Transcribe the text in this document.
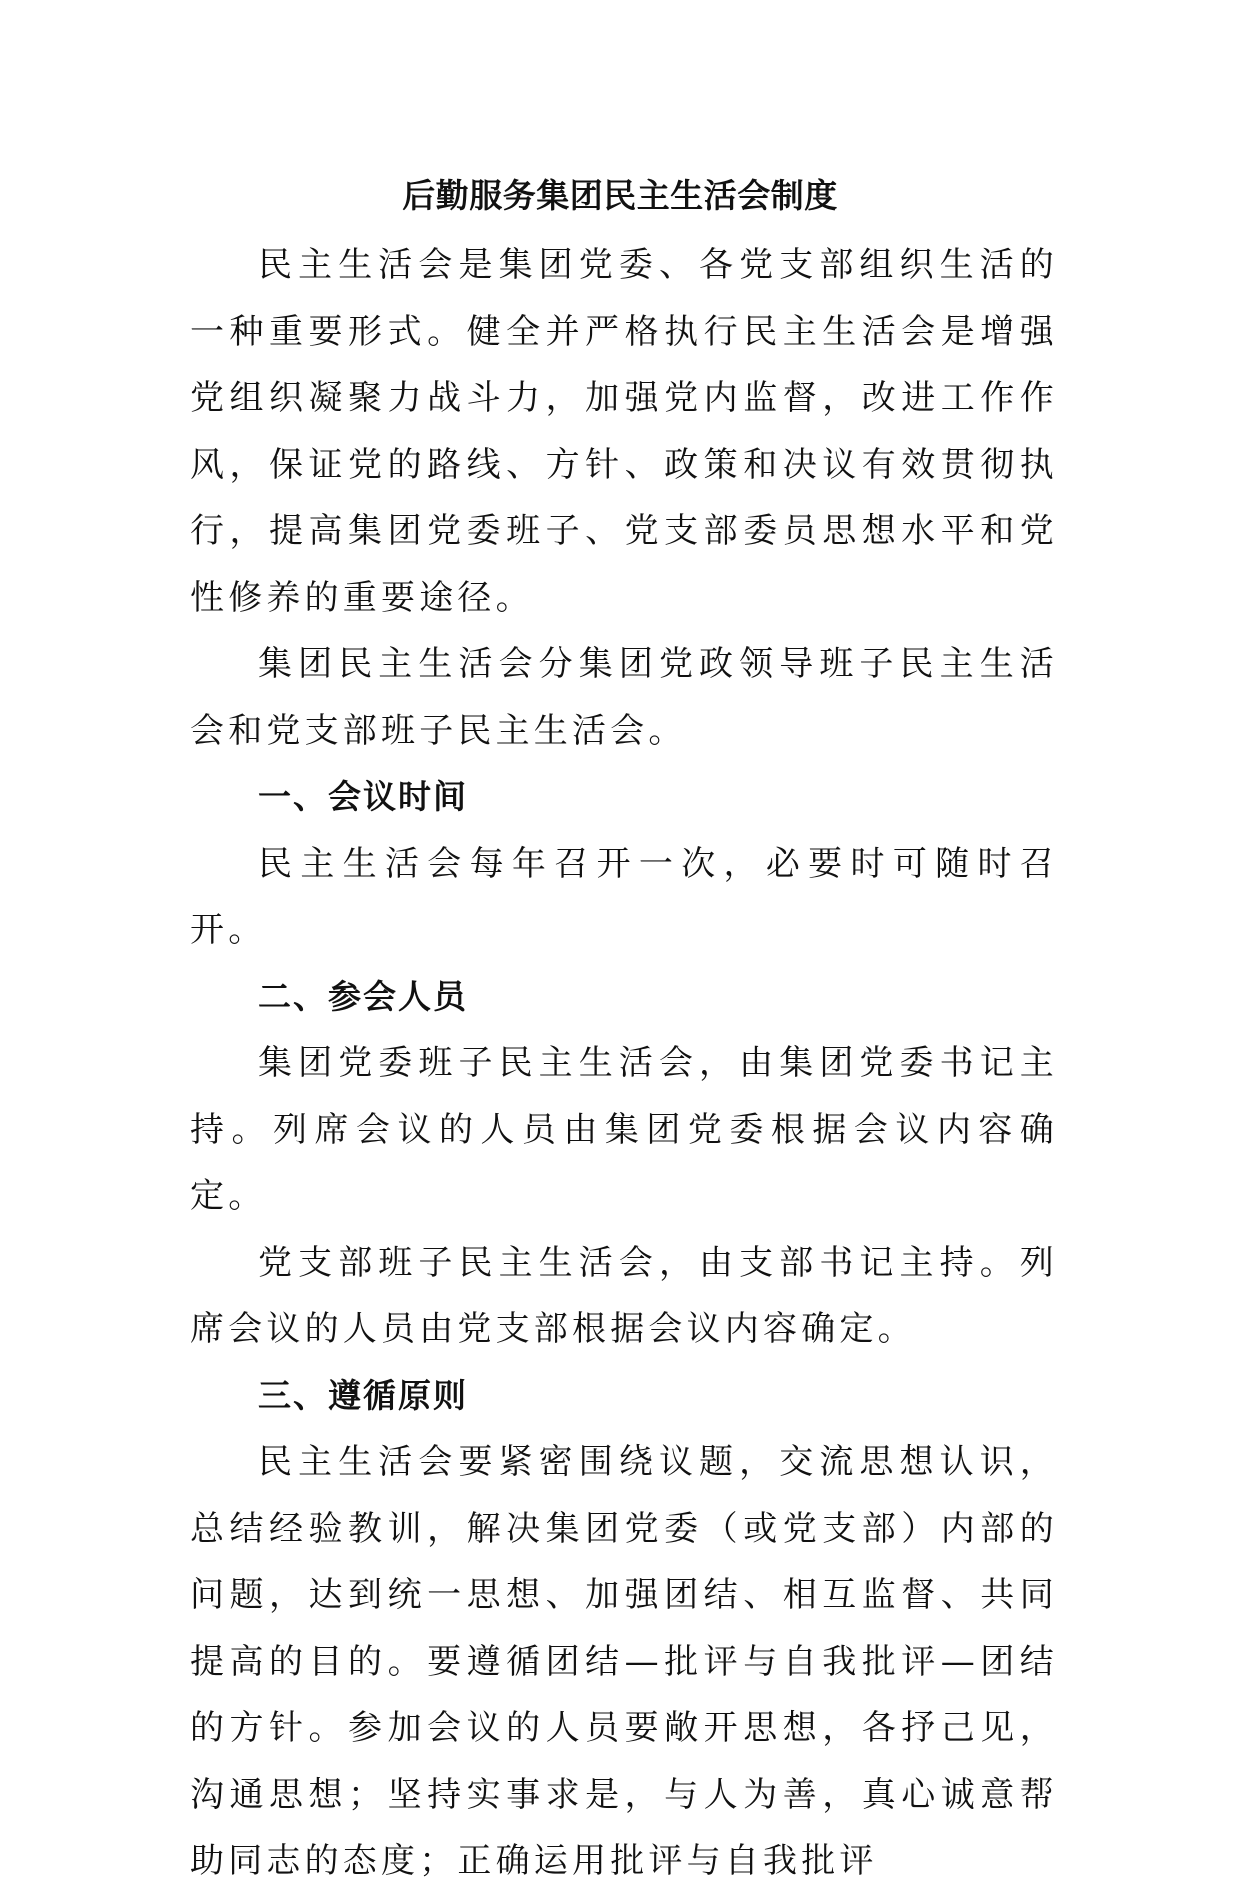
后勤服务集团民主生活会制度

民主生活会是集团党委、各党支部组织生活的一种重要形式。健全并严格执行民主生活会是增强党组织凝聚力战斗力，加强党内监督，改进工作作风，保证党的路线、方针、政策和决议有效贯彻执行，提高集团党委班子、党支部委员思想水平和党性修养的重要途径。

集团民主生活会分集团党政领导班子民主生活会和党支部班子民主生活会。

一、会议时间

民主生活会每年召开一次，必要时可随时召开。

二、参会人员

集团党委班子民主生活会，由集团党委书记主持。列席会议的人员由集团党委根据会议内容确定。

党支部班子民主生活会，由支部书记主持。列席会议的人员由党支部根据会议内容确定。

三、遵循原则

民主生活会要紧密围绕议题，交流思想认识，总结经验教训，解决集团党委（或党支部）内部的问题，达到统一思想、加强团结、相互监督、共同提高的目的。要遵循团结—批评与自我批评—团结的方针。参加会议的人员要敞开思想，各抒己见，沟通思想；坚持实事求是，与人为善，真心诚意帮助同志的态度；正确运用批评与自我批评
